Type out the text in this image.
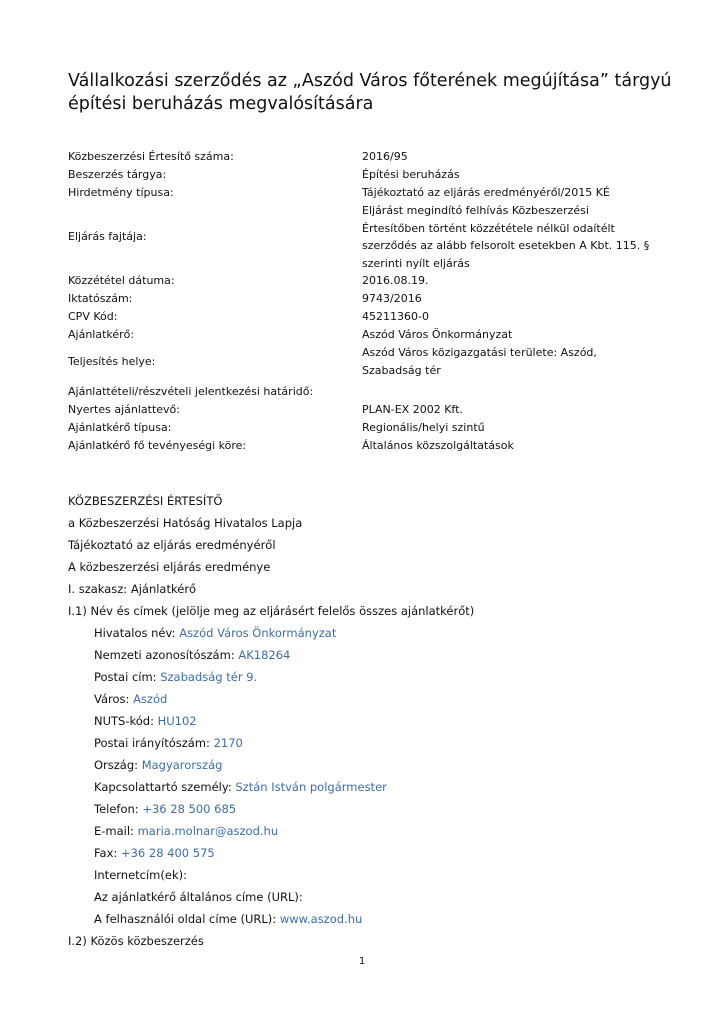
Vállalkozási szerződés az „Aszód Város főterének megújítása” tárgyú építési beruházás megvalósítására
Közbeszerzési Értesítő száma:	2016/95
Beszerzés tárgya:	Építési beruházás
Hirdetmény típusa:	Tájékoztató az eljárás eredményéről/2015 KÉ
Eljárás fajtája:
Eljárást megindító felhívás Közbeszerzési Értesítőben történt közzététele nélkül odaítélt szerződés az alább felsorolt esetekben A Kbt. 115. § szerinti nyílt eljárás
Közzététel dátuma:	2016.08.19.
Iktatószám:	9743/2016
CPV Kód:	45211360-0
Ajánlatkérő:	Aszód Város Önkormányzat
Teljesítés helye:
Aszód Város közigazgatási területe: Aszód, Szabadság tér
Ajánlattételi/részvételi jelentkezési határidő:
Nyertes ajánlattevő:	PLAN-EX 2002 Kft.
Ajánlatkérő típusa:	Regionális/helyi szintű
Ajánlatkérő fő tevényeségi köre:	Általános közszolgáltatások
KÖZBESZERZÉSI ÉRTESÍTŐ
a Közbeszerzési Hatóság Hivatalos Lapja
Tájékoztató az eljárás eredményéről
A közbeszerzési eljárás eredménye
I. szakasz: Ajánlatkérő
I.1) Név és címek (jelölje meg az eljárásért felelős összes ajánlatkérőt)
Hivatalos név: Aszód Város Önkormányzat
Nemzeti azonosítószám: AK18264
Postai cím: Szabadság tér 9.
Város: Aszód
NUTS-kód: HU102
Postai irányítószám: 2170
Ország: Magyarország
Kapcsolattartó személy: Sztán István polgármester
Telefon: +36 28 500 685
E-mail: maria.molnar@aszod.hu
Fax: +36 28 400 575
Internetcím(ek):
Az ajánlatkérő általános címe (URL):
A felhasználói oldal címe (URL): www.aszod.hu
I.2) Közös közbeszerzés
1
